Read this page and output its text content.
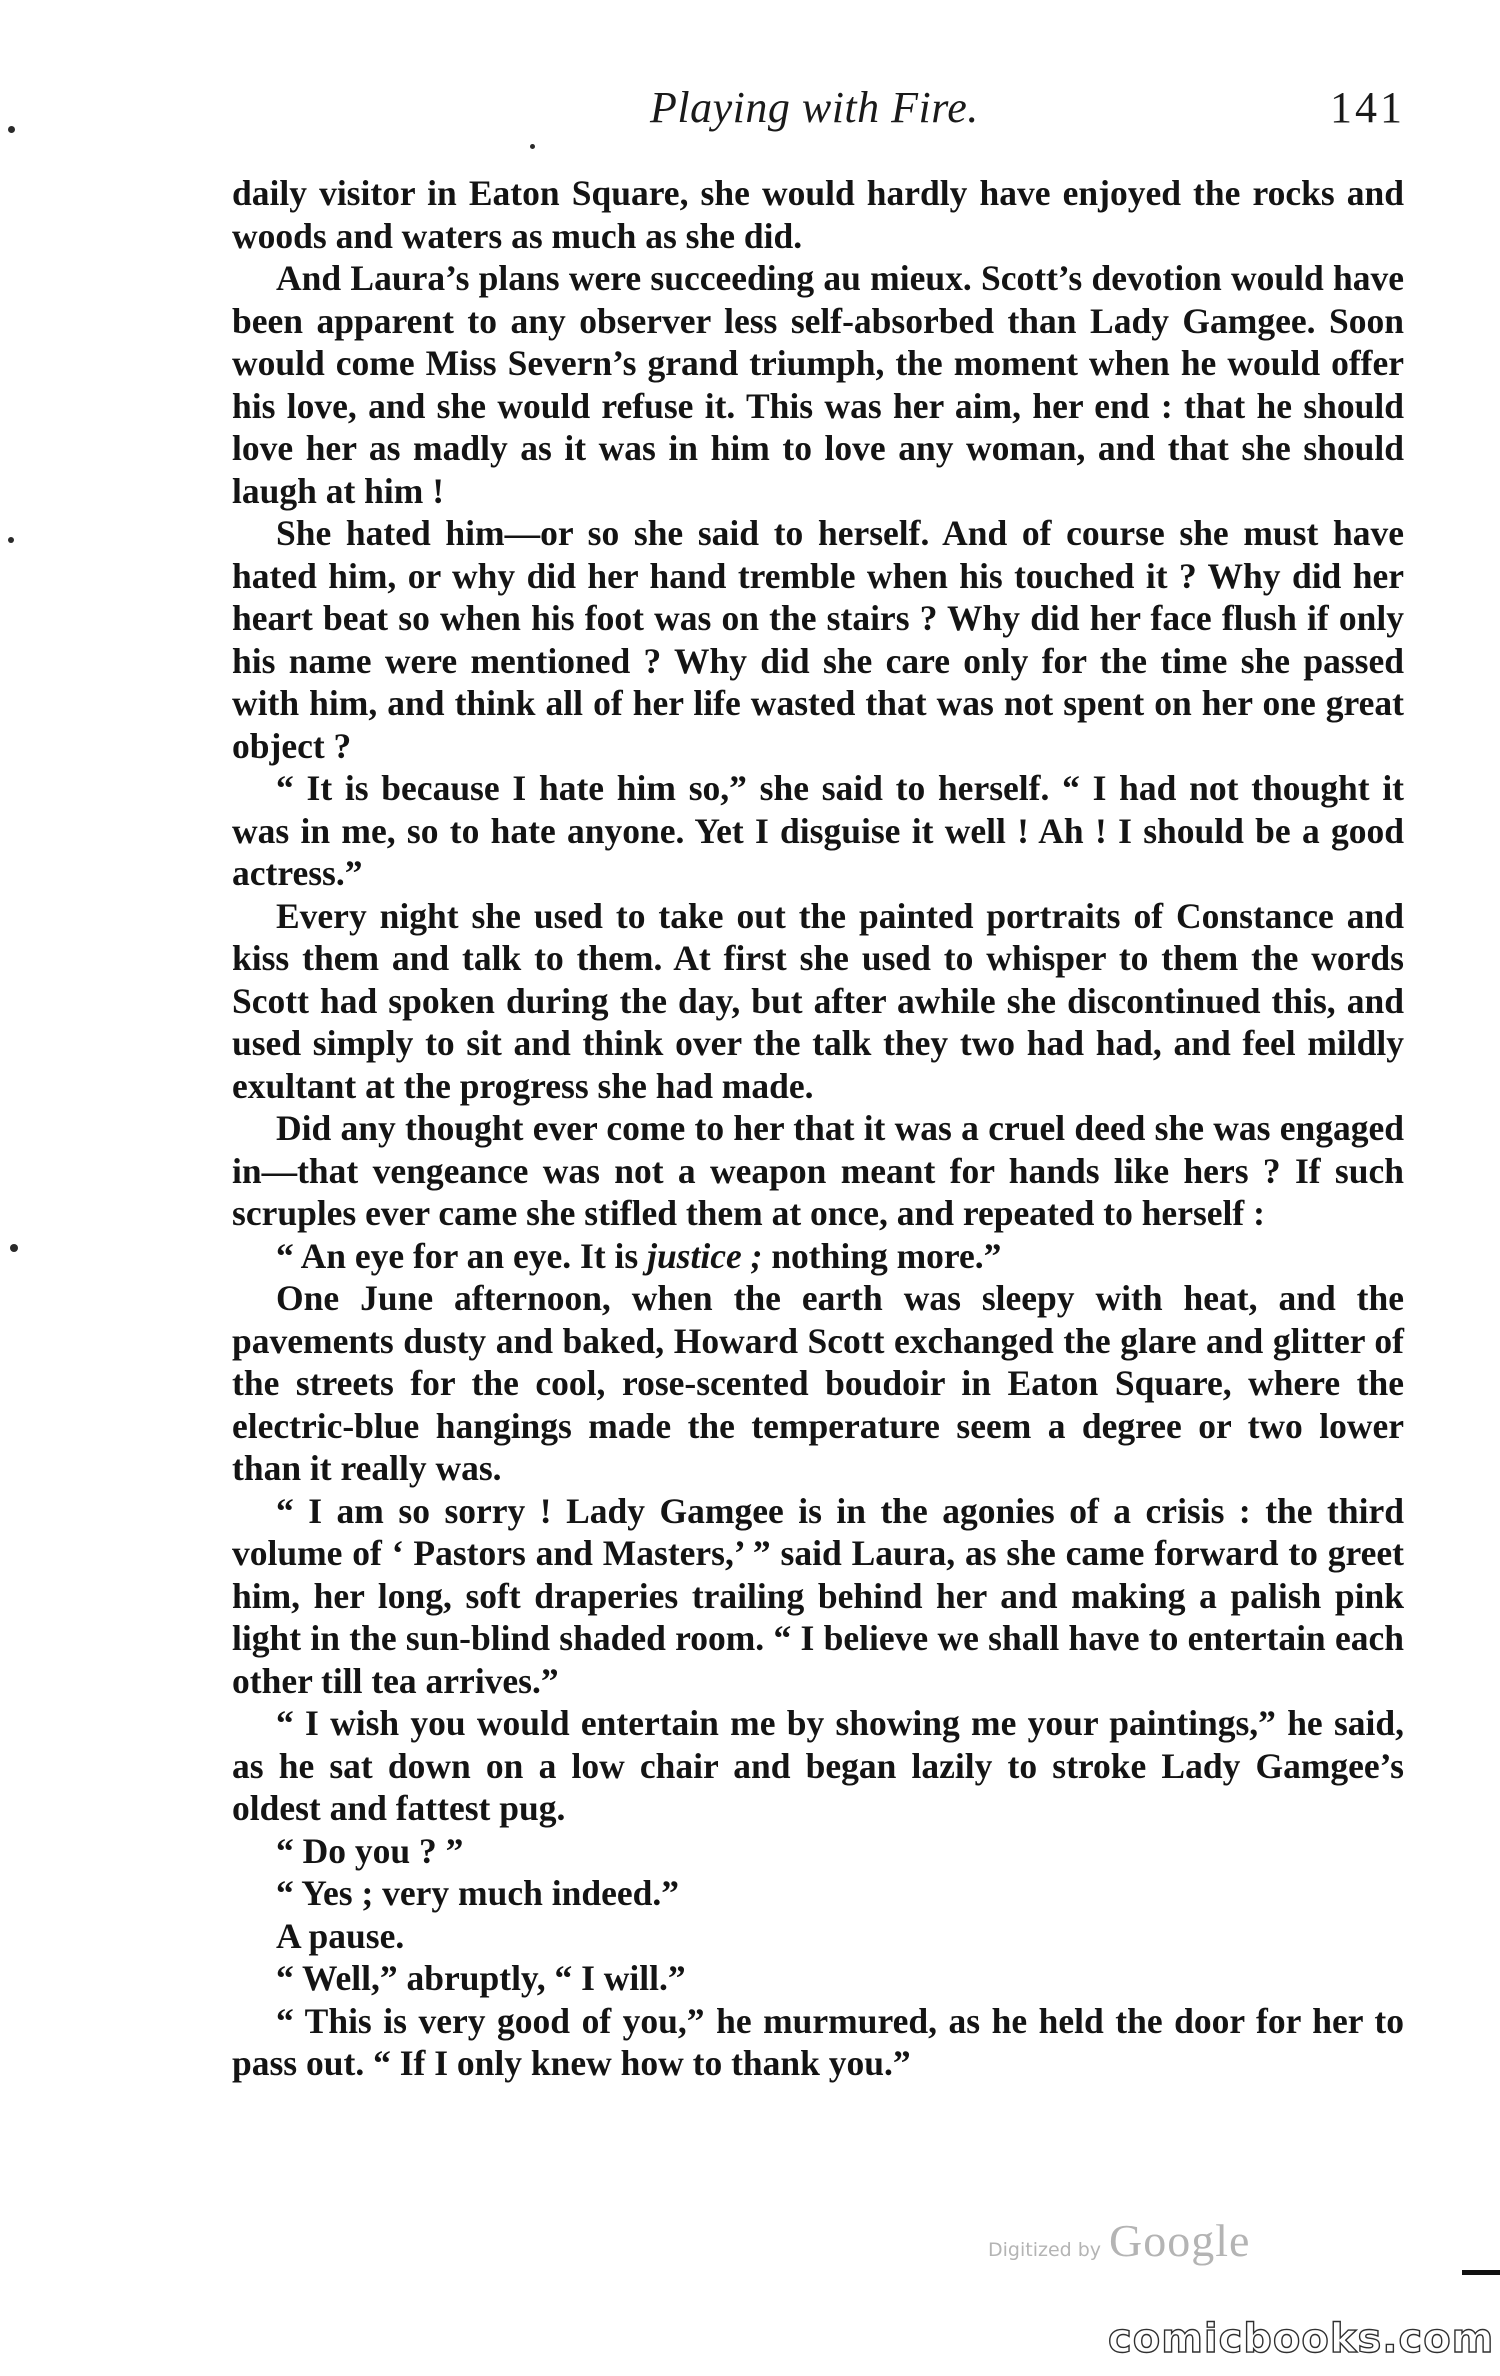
Playing with Fire.	141

daily visitor in Eaton Square, she would hardly have enjoyed the rocks and woods and waters as much as she did.

And Laura’s plans were succeeding au mieux. Scott’s devotion would have been apparent to any observer less self-absorbed than Lady Gamgee. Soon would come Miss Severn’s grand triumph, the moment when he would offer his love, and she would refuse it. This was her aim, her end : that he should love her as madly as it was in him to love any woman, and that she should laugh at him !

She hated him—or so she said to herself. And of course she must have hated him, or why did her hand tremble when his touched it ? Why did her heart beat so when his foot was on the stairs ? Why did her face flush if only his name were mentioned ? Why did she care only for the time she passed with him, and think all of her life wasted that was not spent on her one great object ?

“ It is because I hate him so,” she said to herself. “ I had not thought it was in me, so to hate anyone. Yet I disguise it well ! Ah ! I should be a good actress.”

Every night she used to take out the painted portraits of Constance and kiss them and talk to them. At first she used to whisper to them the words Scott had spoken during the day, but after awhile she discontinued this, and used simply to sit and think over the talk they two had had, and feel mildly exultant at the progress she had made.

Did any thought ever come to her that it was a cruel deed she was engaged in—that vengeance was not a weapon meant for hands like hers ? If such scruples ever came she stifled them at once, and repeated to herself :

“ An eye for an eye. It is justice ; nothing more.”

One June afternoon, when the earth was sleepy with heat, and the pavements dusty and baked, Howard Scott exchanged the glare and glitter of the streets for the cool, rose-scented boudoir in Eaton Square, where the electric-blue hangings made the temperature seem a degree or two lower than it really was.

“ I am so sorry ! Lady Gamgee is in the agonies of a crisis : the third volume of ‘ Pastors and Masters,’ ” said Laura, as she came forward to greet him, her long, soft draperies trailing behind her and making a palish pink light in the sun-blind shaded room. “ I believe we shall have to entertain each other till tea arrives.”

“ I wish you would entertain me by showing me your paintings,” he said, as he sat down on a low chair and began lazily to stroke Lady Gamgee’s oldest and fattest pug.

“ Do you ? ”

“ Yes ; very much indeed.”

A pause.

“ Well,” abruptly, “ I will.”

“ This is very good of you,” he murmured, as he held the door for her to pass out. “ If I only knew how to thank you.”

Digitized by Google
comicbooks.com
